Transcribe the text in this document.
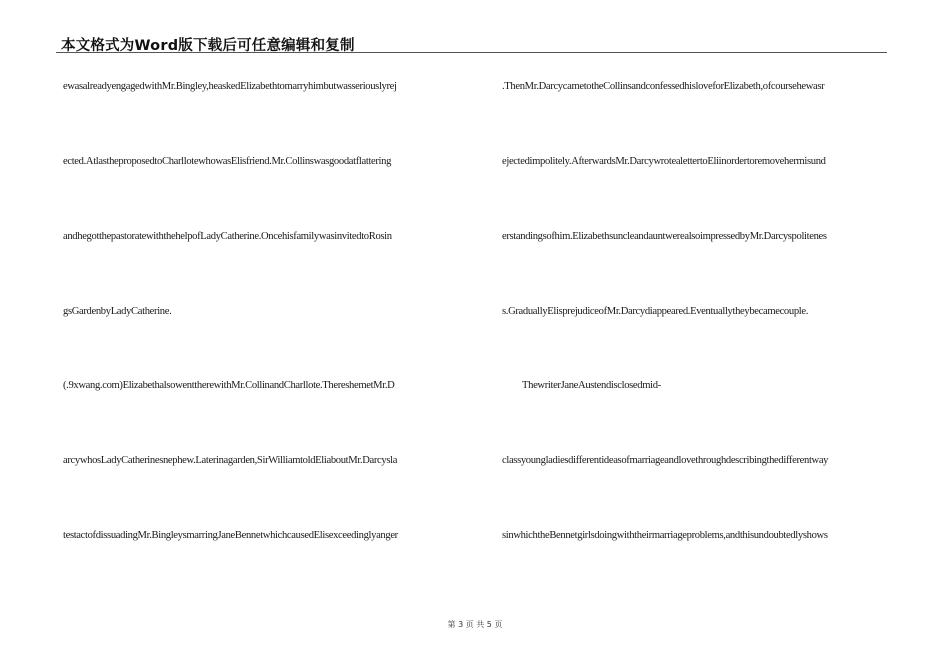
本文格式为Word版下载后可任意编辑和复制
ewasalreadyengagedwithMr.Bingley,heaskedElizabethtomarryhimbutwasseriouslyrej
ected.AtlastheproposedtoCharllotewhowasElisfriend.Mr.Collinswasgoodatflattering
andhegotthepastoratewiththehelpofLadyCatherine.OncehisfamilywasinvitedtoRosin
gsGardenbyLadyCatherine.
(.9xwang.com)ElizabethalsowenttherewithMr.CollinandCharllote.ThereshemetMr.D
arcywhosLadyCatherinesnephew.Laterinagarden,SirWilliamtoldEliaboutMr.Darcysla
testactofdissuadingMr.BingleysmarringJaneBennetwhichcausedElisexceedinglyanger
.ThenMr.DarcycametotheCollinsandconfessedhisloveforElizabeth,ofcoursehewasr
ejectedimpolitely.AfterwardsMr.DarcywrotealettertoEliinordertoremovehermisund
erstandingsofhim.ElizabethsuncleandauntwerealsoimpressedbyMr.Darcyspolitenes
s.GraduallyElisprejudiceofMr.Darcydiappeared.Eventuallytheybecamecouple.
ThewriterJaneAustendisclosedmid-
classyoungladiesdifferentideasofmarriageandlovethroughdescribingthedifferentway
sinwhichtheBennetgirlsdoingwiththeirmarriageproblems,andthisundoubtedlyshows
第 3 页 共 5 页
